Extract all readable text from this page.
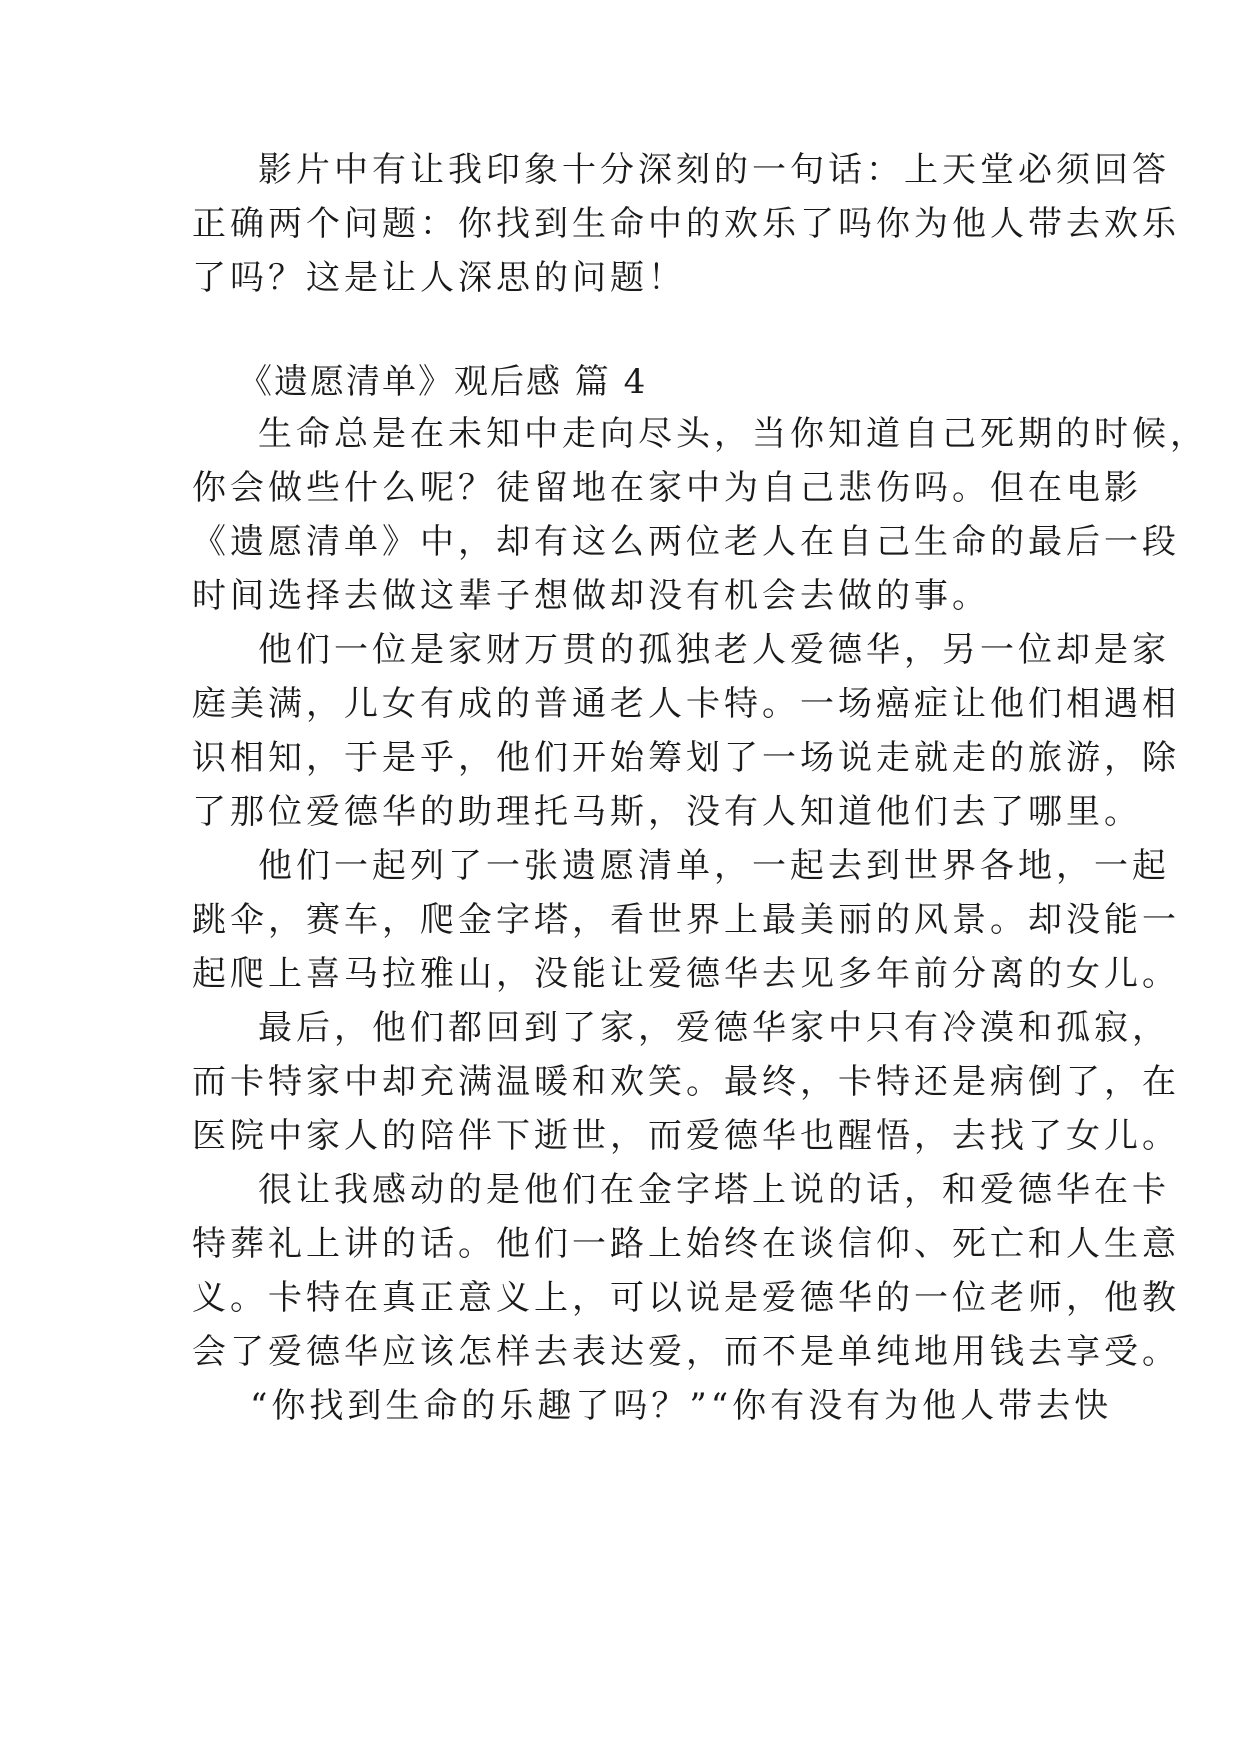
影片中有让我印象十分深刻的一句话：上天堂必须回答
正确两个问题：你找到生命中的欢乐了吗你为他人带去欢乐
了吗？这是让人深思的问题！
《遗愿清单》观后感 篇 4
生命总是在未知中走向尽头，当你知道自己死期的时候，
你会做些什么呢？徒留地在家中为自己悲伤吗。但在电影
《遗愿清单》中，却有这么两位老人在自己生命的最后一段
时间选择去做这辈子想做却没有机会去做的事。
他们一位是家财万贯的孤独老人爱德华，另一位却是家
庭美满，儿女有成的普通老人卡特。一场癌症让他们相遇相
识相知，于是乎，他们开始筹划了一场说走就走的旅游，除
了那位爱德华的助理托马斯，没有人知道他们去了哪里。
他们一起列了一张遗愿清单，一起去到世界各地，一起
跳伞，赛车，爬金字塔，看世界上最美丽的风景。却没能一
起爬上喜马拉雅山，没能让爱德华去见多年前分离的女儿。
最后，他们都回到了家，爱德华家中只有冷漠和孤寂，
而卡特家中却充满温暖和欢笑。最终，卡特还是病倒了，在
医院中家人的陪伴下逝世，而爱德华也醒悟，去找了女儿。
很让我感动的是他们在金字塔上说的话，和爱德华在卡
特葬礼上讲的话。他们一路上始终在谈信仰、死亡和人生意
义。卡特在真正意义上，可以说是爱德华的一位老师，他教
会了爱德华应该怎样去表达爱，而不是单纯地用钱去享受。
“你找到生命的乐趣了吗？”“你有没有为他人带去快
